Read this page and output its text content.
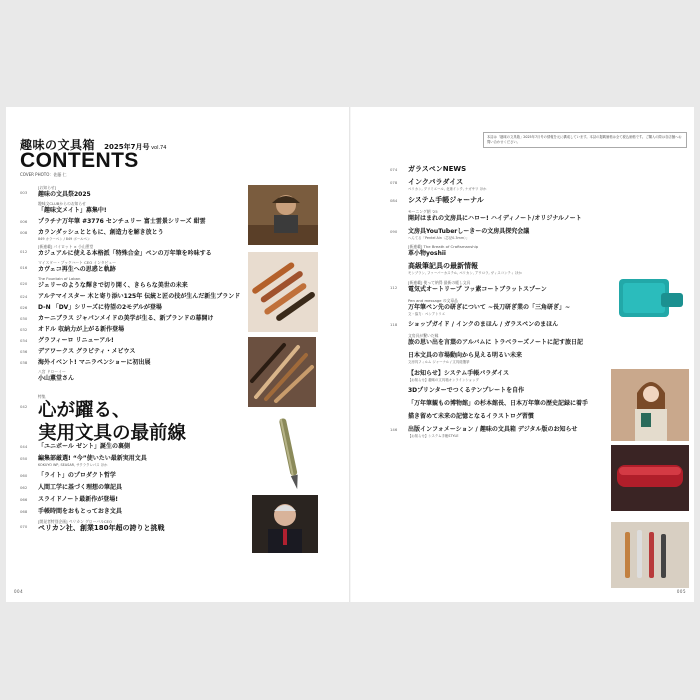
趣味の文具箱 2025年7月号 vol.74
CONTENTS
COVER PHOTO：佐藤 仁
本誌は「趣味の文具箱」2025年7月号の情報を元に構成しています。本誌の掲載価格は全て税込価格です。ご購入の際は各店舗へお問い合わせください。
003
[お知らせ]
趣味の文具祭2025
趣味文CLUBからのお知らせ
「趣味文メイト」募集中!
006 プラチナ万年筆 #3776 センチュリー 富士雲景シリーズ 紺雲
008 カランダッシュとともに、創造力を解き放とう
849 カラーペン / 849 ボールペン
012
[新連載] パイロット × 小山薫堂
カジュアルに使える本格派「特殊合金」ペンの万年筆を吟味する
016
マイスター・ブックハート CEO インタビュー
カヴェコ再生への思惑と軌跡
020
The Fountain of Laban
ジェリーのような輝きで切り開く、きららな美世の未来
024 アルテマイスター 木と寄り添い125年 伝統と匠の技が生んだ新生ブランド
026 D-N 「DV」シリーズに待望の2モデルが登場
030 カーニブラス ジャパンメイドの美学が生る、新ブランドの幕開け
032 オドル 収納力が上がる新作登場
034 グラフィーロ リニューアル!
036 デアワークス グラビティ・メビウス
038 海外イベント! マニラペンショーに初出展
八宮 ドローイー
小山薫堂さん
042
特集
心が躍る、
実用文具の最前線
044 「ユニボール ゼント」誕生の裏側
050 編集部厳選! “今”使いたい最新実用文具
KOKUYO WP, SEASAR, サクラクレパス ほか
060 「ライト」のプロダクト哲学
062 人間工学に基づく理想の筆記具
066 スライドノート最新作が登場!
068 手帳時間をおもとっておき文具
070
[開発者特別企画] ペリカン グローバルCEO
ペリカン社、創業180年超の誇りと挑戦
074 ガラスペンNEWS
078 インクパラダイス
ペリカン, プリミエール, 北斎インク, ナガサワ ほか
084 システム手帳ジャーナル
モーニング朝 '25
開封はまれの文房具にハロー! ハイディノート/オリジナルノート
090 文房具YouTuberしーきーの文房具探究会議
へんてる「Pentel Ain〈芯径0.3mm〉」
[新連載] The Breath of Craftsmanship
革小物yoshii
高級筆記具の最新情報
モンブラン, ファーバーカステル, ペリカン, アウロラ, ヴィスコンティ ほか
112
[新連載] 使って納得 最新の帳し文具
電気式オートリーブ フッ素コートブラットスプーン
Pen and message の文章品
万年筆ペン先の研ぎについて ~長刀研ぎ業の「三角研ぎ」~
文・協力：ペンアトリエ
118 ショップガイド / インクのまほん / ガラスペンのまほん
文房具が繋いだ縁
旅の思い出を言葉のアルバムに トラベラーズノートに記す旅日記
日本文具の市場動向から見える明るい未来
文房具フィルム ジャーナル / 文具総選挙
【お知らせ】システム手帳パラダイス
【お知らせ】趣味の文具箱オンラインショップ
3Dプリンターでつくるテンプレートを自作
「万年筆観もの博物館」の杉本館長、日本万年筆の歴史記録に着手
描き留めて未来の記憶となるイラストログ習慣
146 出版インフォメーション / 趣味の文具箱 デジタル版のお知らせ
【お知らせ】システム手帳STYLE
004	005
